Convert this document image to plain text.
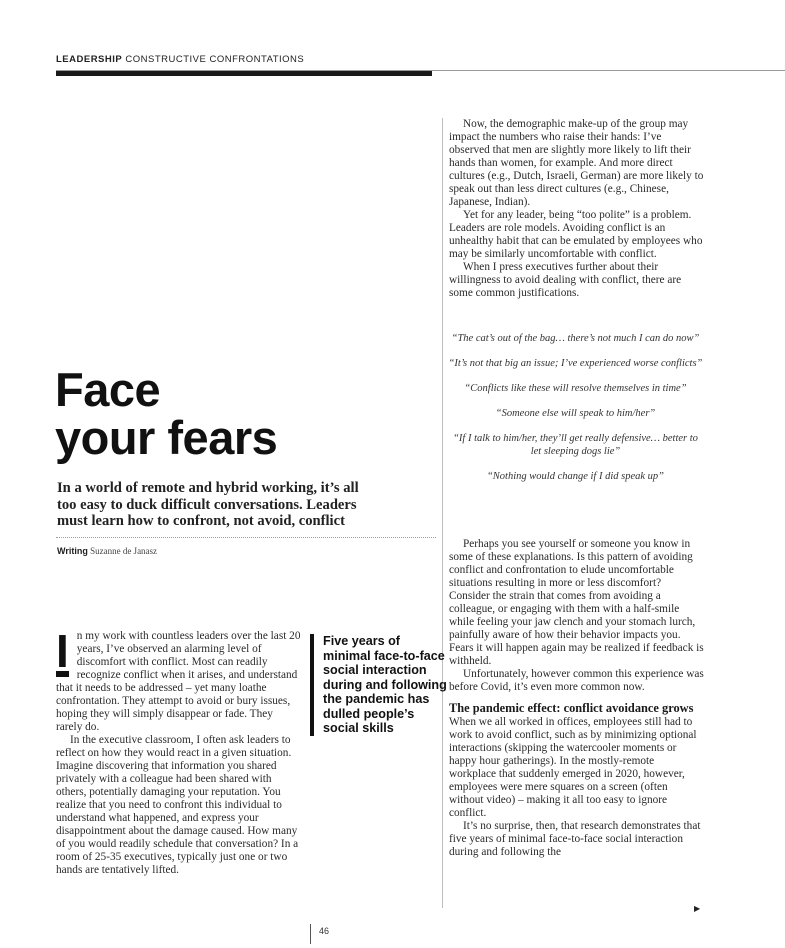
LEADERSHIP CONSTRUCTIVE CONFRONTATIONS
Face
your fears
In a world of remote and hybrid working, it’s all too easy to duck difficult conversations. Leaders must learn how to confront, not avoid, conflict
Writing Suzanne de Janasz

I n my work with countless leaders over the last 20 years, I’ve observed an alarming level of discomfort with conflict. Most can readily recognize conflict when it arises, and understand that it needs to be addressed – yet many loathe confrontation. They attempt to avoid or bury issues, hoping they will simply disappear or fade. They rarely do.

In the executive classroom, I often ask leaders to reflect on how they would react in a given situation. Imagine discovering that information you shared privately with a colleague had been shared with others, potentially damaging your reputation. You realize that you need to confront this individual to understand what happened, and express your disappointment about the damage caused. How many of you would readily schedule that conversation? In a room of 25-35 executives, typically just one or two hands are tentatively lifted.

Five years of minimal face-to-face social interaction during and following the pandemic has dulled people’s social skills

Now, the demographic make-up of the group may impact the numbers who raise their hands: I’ve observed that men are slightly more likely to lift their hands than women, for example. And more direct cultures (e.g., Dutch, Israeli, German) are more likely to speak out than less direct cultures (e.g., Chinese, Japanese, Indian).

Yet for any leader, being “too polite” is a problem. Leaders are role models. Avoiding conflict is an unhealthy habit that can be emulated by employees who may be similarly uncomfortable with conflict.

When I press executives further about their willingness to avoid dealing with conflict, there are some common justifications.

“The cat’s out of the bag… there’s not much I can do now”
“It’s not that big an issue; I’ve experienced worse conflicts”
“Conflicts like these will resolve themselves in time”
“Someone else will speak to him/her”
“If I talk to him/her, they’ll get really defensive… better to let sleeping dogs lie”
“Nothing would change if I did speak up”

Perhaps you see yourself or someone you know in some of these explanations. Is this pattern of avoiding conflict and confrontation to elude uncomfortable situations resulting in more or less discomfort? Consider the strain that comes from avoiding a colleague, or engaging with them with a half-smile while feeling your jaw clench and your stomach lurch, painfully aware of how their behavior impacts you. Fears it will happen again may be realized if feedback is withheld.

Unfortunately, however common this experience was before Covid, it’s even more common now.

The pandemic effect: conflict avoidance grows

When we all worked in offices, employees still had to work to avoid conflict, such as by minimizing optional interactions (skipping the watercooler moments or happy hour gatherings). In the mostly-remote workplace that suddenly emerged in 2020, however, employees were mere squares on a screen (often without video) – making it all too easy to ignore conflict.

It’s no surprise, then, that research demonstrates that five years of minimal face-to-face social interaction during and following the

▶
46
